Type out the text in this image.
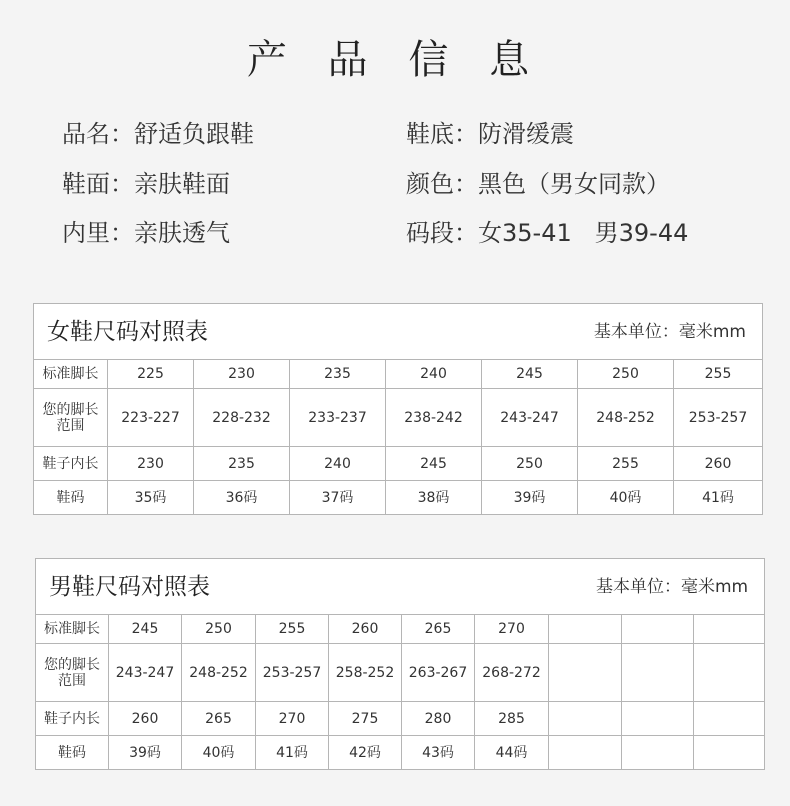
产 品 信 息
品名：舒适负跟鞋
鞋面：亲肤鞋面
内里：亲肤透气
鞋底：防滑缓震
颜色：黑色（男女同款）
码段：女35-41   男39-44
女鞋尺码对照表 基本单位：毫米mm							

标准脚长	225	230	235	240	245	250	255
您的脚长范围	223-227	228-232	233-237	238-242	243-247	248-252	253-257
鞋子内长	230	235	240	245	250	255	260
鞋码	35码	36码	37码	38码	39码	40码	41码
男鞋尺码对照表 基本单位：毫米mm									

标准脚长	245	250	255	260	265	270			
您的脚长范围	243-247	248-252	253-257	258-252	263-267	268-272			
鞋子内长	260	265	270	275	280	285			
鞋码	39码	40码	41码	42码	43码	44码			
